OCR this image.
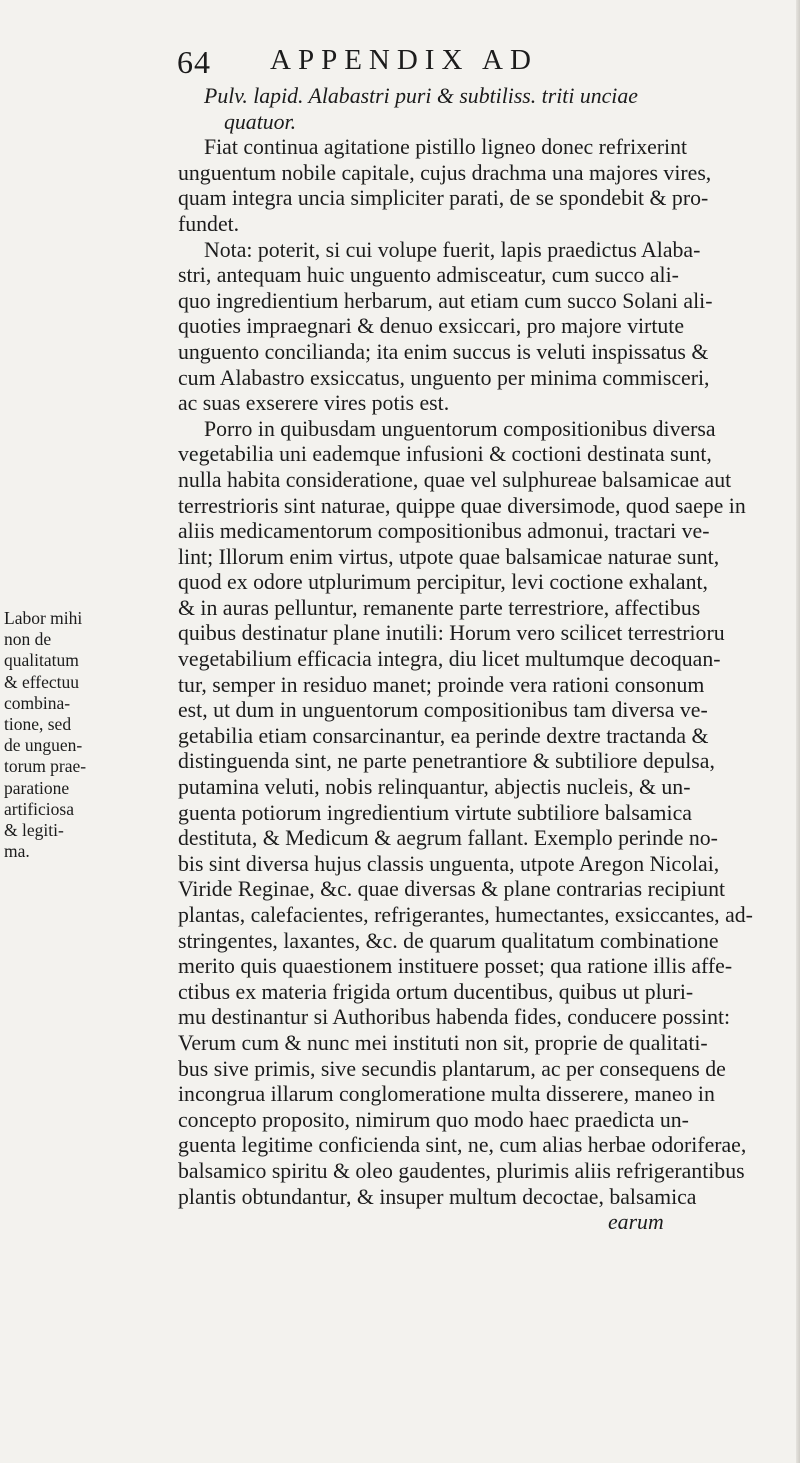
64 APPENDIX AD
Pulv. lapid. Alabastri puri & subtiliss. triti unciae
quatuor.
Fiat continua agitatione pistillo ligneo donec refrixerint
unguentum nobile capitale, cujus drachma una majores vires,
quam integra uncia simpliciter parati, de se spondebit & pro-
fundet.
Nota: poterit, si cui volupe fuerit, lapis praedictus Alaba-
stri, antequam huic unguento admisceatur, cum succo ali-
quo ingredientium herbarum, aut etiam cum succo Solani ali-
quoties impraegnari & denuo exsiccari, pro majore virtute
unguento concilianda; ita enim succus is veluti inspissatus &
cum Alabastro exsiccatus, unguento per minima commisceri,
ac suas exserere vires potis est.
Porro in quibusdam unguentorum compositionibus diversa
vegetabilia uni eademque infusioni & coctioni destinata sunt,
nulla habita consideratione, quae vel sulphureae balsamicae aut
terrestrioris sint naturae, quippe quae diversimode, quod saepe in
aliis medicamentorum compositionibus admonui, tractari ve-
lint; Illorum enim virtus, utpote quae balsamicae naturae sunt,
quod ex odore utplurimum percipitur, levi coctione exhalant,
& in auras pelluntur, remanente parte terrestriore, affectibus
quibus destinatur plane inutili: Horum vero scilicet terrestrioru
vegetabilium efficacia integra, diu licet multumque decoquan-
tur, semper in residuo manet; proinde vera rationi consonum
est, ut dum in unguentorum compositionibus tam diversa ve-
getabilia etiam consarcinantur, ea perinde dextre tractanda &
distinguenda sint, ne parte penetrantiore & subtiliore depulsa,
putamina veluti, nobis relinquantur, abjectis nucleis, & un-
guenta potiorum ingredientium virtute subtiliore balsamica
destituta, & Medicum & aegrum fallant. Exemplo perinde no-
bis sint diversa hujus classis unguenta, utpote Aregon Nicolai,
Viride Reginae, &c. quae diversas & plane contrarias recipiunt
plantas, calefacientes, refrigerantes, humectantes, exsiccantes, ad-
stringentes, laxantes, &c. de quarum qualitatum combinatione
merito quis quaestionem instituere posset; qua ratione illis affe-
ctibus ex materia frigida ortum ducentibus, quibus ut pluri-
mu destinantur si Authoribus habenda fides, conducere possint:
Verum cum & nunc mei instituti non sit, proprie de qualitati-
bus sive primis, sive secundis plantarum, ac per consequens de
incongrua illarum conglomeratione multa disserere, maneo in
concepto proposito, nimirum quo modo haec praedicta un-
guenta legitime conficienda sint, ne, cum alias herbae odoriferae,
balsamico spiritu & oleo gaudentes, plurimis aliis refrigerantibus
plantis obtundantur, & insuper multum decoctae, balsamica
earum
Labor mihi
non de
qualitatum
& effectuu
combina-
tione, sed
de unguen-
torum prae-
paratione
artificiosa
& legiti-
ma.
